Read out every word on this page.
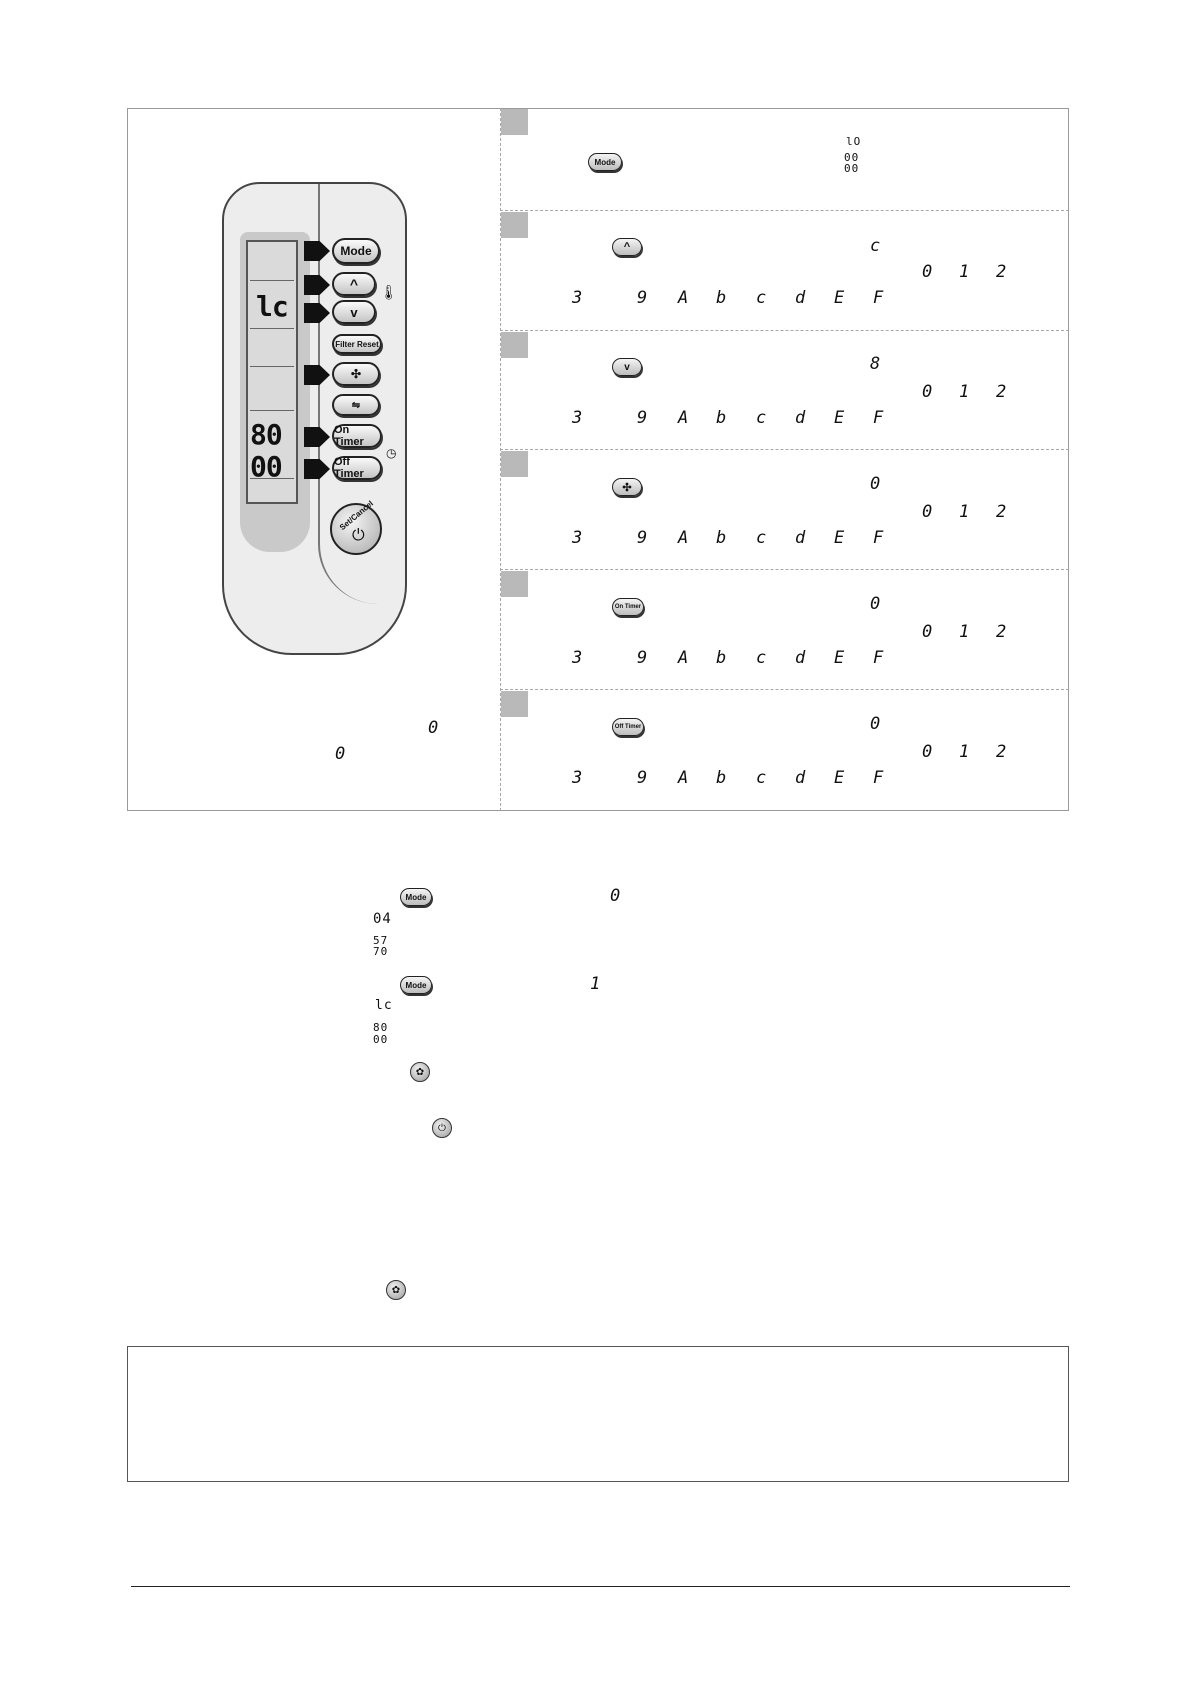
lc
80
00
Mode
^
v
🌡
Filter Reset
✣
⇋
On Timer
Off Timer
◷
Set/Cancel
⏻
0
0
Mode
lO
00
00
^	c
v	8
✣	0
On Timer	0
Off Timer	0
0 1 2
3	9 A b c d E F
0 1 2
3	9 A b c d E F
0 1 2
3	9 A b c d E F
0 1 2
3	9 A b c d E F
0 1 2
3	9 A b c d E F
Mode	0
04
57
70
Mode	1
lc
80
00
✿
⏻
✿
